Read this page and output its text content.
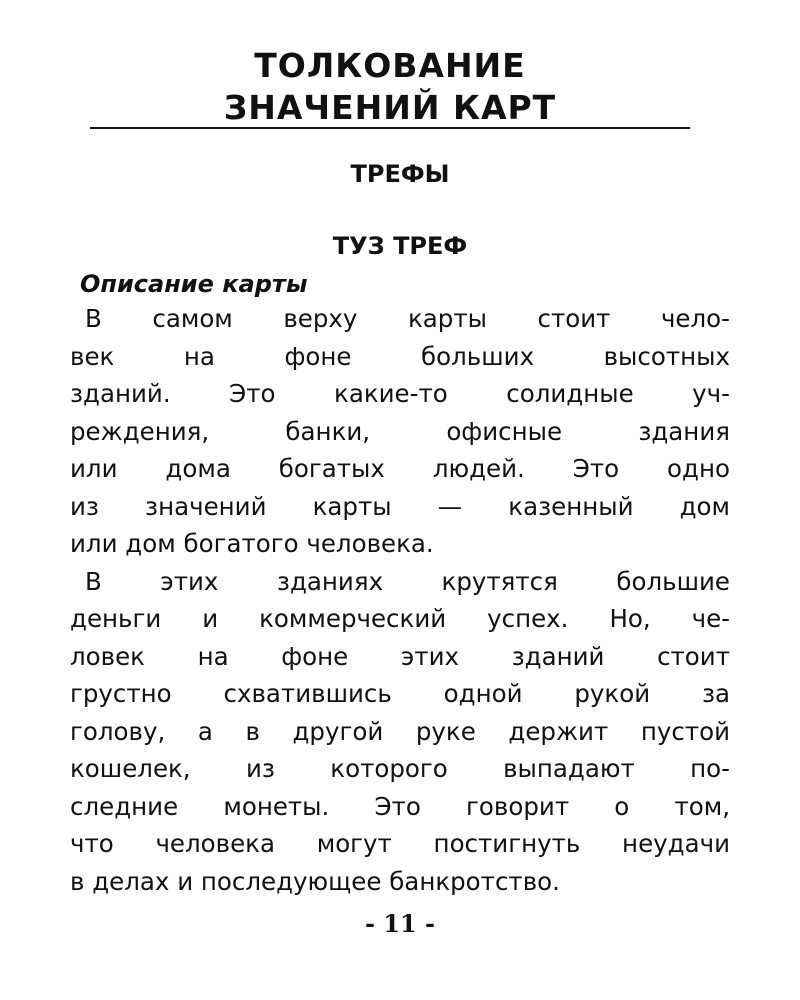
ТОЛКОВАНИЕ
ЗНАЧЕНИЙ КАРТ
ТРЕФЫ
ТУЗ ТРЕФ
Описание карты

В самом верху карты стоит чело-
век на фоне больших высотных
зданий. Это какие-то солидные уч-
реждения, банки, офисные здания
или дома богатых людей. Это одно
из значений карты — казенный дом
или дом богатого человека.

В этих зданиях крутятся большие
деньги и коммерческий успех. Но, че-
ловек на фоне этих зданий стоит
грустно схватившись одной рукой за
голову, а в другой руке держит пустой
кошелек, из которого выпадают по-
следние монеты. Это говорит о том,
что человека могут постигнуть неудачи
в делах и последующее банкротство.

- 11 -
